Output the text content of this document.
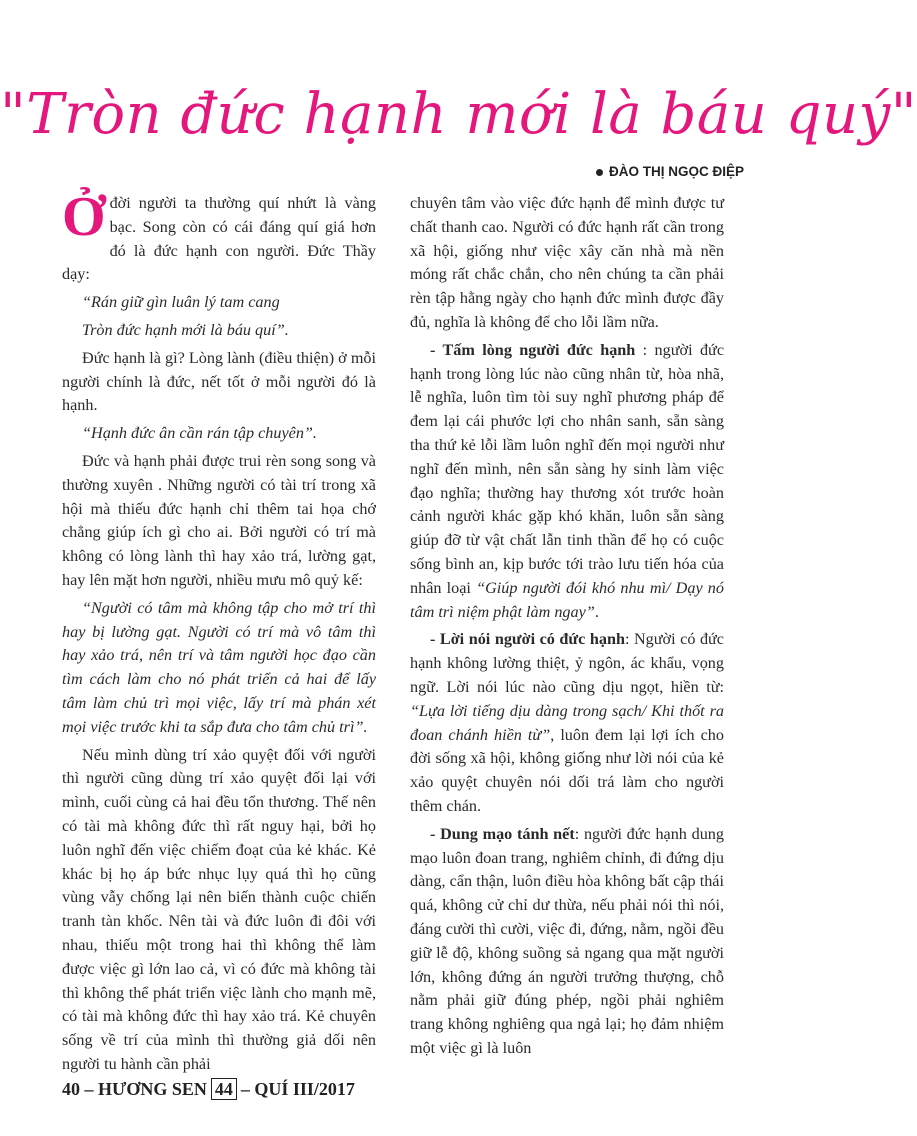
"Tròn đức hạnh mới là báu quý"
ĐÀO THỊ NGỌC ĐIỆP

Ởđời người ta thường quí nhứt là vàng bạc. Song còn có cái đáng quí giá hơn đó là đức hạnh con người. Đức Thầy dạy:

“Rán giữ gìn luân lý tam cang

Tròn đức hạnh mới là báu quí”.

Đức hạnh là gì? Lòng lành (điều thiện) ở mỗi người chính là đức, nết tốt ở mỗi người đó là hạnh.

“Hạnh đức ân cần rán tập chuyên”.

Đức và hạnh phải được trui rèn song song và thường xuyên . Những người có tài trí trong xã hội mà thiếu đức hạnh chỉ thêm tai họa chớ chẳng giúp ích gì cho ai. Bởi người có trí mà không có lòng lành thì hay xảo trá, lường gạt, hay lên mặt hơn người, nhiều mưu mô quỷ kế:

“Người có tâm mà không tập cho mở trí thì hay bị lường gạt. Người có trí mà vô tâm thì hay xảo trá, nên trí và tâm người học đạo cần tìm cách làm cho nó phát triển cả hai để lấy tâm làm chủ trì mọi việc, lấy trí mà phán xét mọi việc trước khi ta sắp đưa cho tâm chủ trì”.

Nếu mình dùng trí xảo quyệt đối với người thì người cũng dùng trí xảo quyệt đối lại với mình, cuối cùng cả hai đều tổn thương. Thế nên có tài mà không đức thì rất nguy hại, bởi họ luôn nghĩ đến việc chiếm đoạt của kẻ khác. Kẻ khác bị họ áp bức nhục lụy quá thì họ cũng vùng vẫy chống lại nên biến thành cuộc chiến tranh tàn khốc. Nên tài và đức luôn đi đôi với nhau, thiếu một trong hai thì không thể làm được việc gì lớn lao cả, vì có đức mà không tài thì không thể phát triển việc lành cho mạnh mẽ, có tài mà không đức thì hay xảo trá. Kẻ chuyên sống về trí của mình thì thường giả dối nên người tu hành cần phải

chuyên tâm vào việc đức hạnh để mình được tư chất thanh cao. Người có đức hạnh rất cần trong xã hội, giống như việc xây căn nhà mà nền móng rất chắc chắn, cho nên chúng ta cần phải rèn tập hằng ngày cho hạnh đức mình được đầy đủ, nghĩa là không để cho lỗi lầm nữa.

- Tấm lòng người đức hạnh : người đức hạnh trong lòng lúc nào cũng nhân từ, hòa nhã, lễ nghĩa, luôn tìm tòi suy nghĩ phương pháp để đem lại cái phước lợi cho nhân sanh, sẵn sàng tha thứ kẻ lỗi lầm luôn nghĩ đến mọi người như nghĩ đến mình, nên sẵn sàng hy sinh làm việc đạo nghĩa; thường hay thương xót trước hoàn cảnh người khác gặp khó khăn, luôn sẵn sàng giúp đỡ từ vật chất lẫn tinh thần để họ có cuộc sống bình an, kịp bước tới trào lưu tiến hóa của nhân loại “Giúp người đói khó nhu mì/ Dạy nó tâm trì niệm phật làm ngay”.

- Lời nói người có đức hạnh: Người có đức hạnh không lường thiệt, ỷ ngôn, ác khẩu, vọng ngữ. Lời nói lúc nào cũng dịu ngọt, hiền từ: “Lựa lời tiếng dịu dàng trong sạch/ Khi thốt ra đoan chánh hiền từ”, luôn đem lại lợi ích cho đời sống xã hội, không giống như lời nói của kẻ xảo quyệt chuyên nói dối trá làm cho người thêm chán.

- Dung mạo tánh nết: người đức hạnh dung mạo luôn đoan trang, nghiêm chỉnh, đi đứng dịu dàng, cẩn thận, luôn điều hòa không bất cập thái quá, không cử chỉ dư thừa, nếu phải nói thì nói, đáng cười thì cười, việc đi, đứng, nằm, ngồi đều giữ lễ độ, không suồng sả ngang qua mặt người lớn, không đứng án người trưởng thượng, chỗ nằm phải giữ đúng phép, ngồi phải nghiêm trang không nghiêng qua ngả lại; họ đảm nhiệm một việc gì là luôn

40 – HƯƠNG SEN 44 – QUÍ III/2017
